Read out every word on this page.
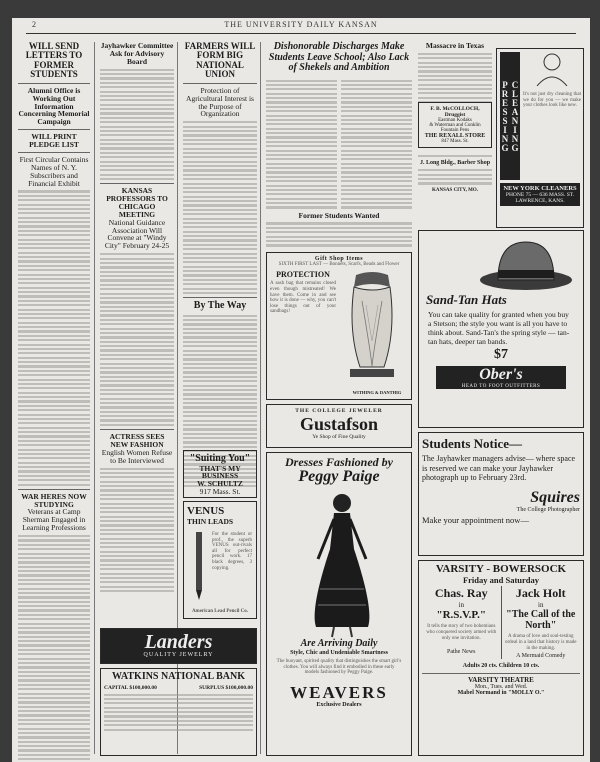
2	THE UNIVERSITY DAILY KANSAN
WILL SEND LETTERS TO FORMER STUDENTS
Alumni Office is Working Out Information Concerning Memorial Campaign
WILL PRINT PLEDGE LIST
First Circular Contains Names of N. Y. Subscribers and Financial Exhibit
WAR HERES NOW STUDYING
Veterans at Camp Sherman Engaged in Learning Professions
Jayhawker Committee Ask for Advisory Board
KANSAS PROFESSORS TO CHICAGO MEETING
National Guidance Association Will Convene at "Windy City" February 24-25
ACTRESS SEES NEW FASHION
English Women Refuse to Be Interviewed
FARMERS WILL FORM BIG NATIONAL UNION
Protection of Agricultural Interest is the Purpose of Organization
By The Way
"Suiting You"
THAT'S MY BUSINESS
W. SCHULTZ
917 Mass. St.
VENUS
THIN LEADS
For the student or prof., the superb VENUS out-rivals all for perfect pencil work. 17 black degrees, 3 copying.
American Lead Pencil Co.
Landers
QUALITY JEWELRY
WATKINS NATIONAL BANK
CAPITAL $100,000.00	SURPLUS $100,000.00
Dishonorable Discharges Make Students Leave School; Also Lack of Shekels and Ambition
Former Students Wanted
Gift Shop Items
SIXTH FIRST LAST — Bonnets, Scarfs, Beads and Flower
PROTECTION
A sash bag that remains closed even though mistreated! We have them. Come in and see how it is done — why, you can't lose things out of your sandbags!
WITHING & DANTHIG
THE COLLEGE JEWELER
Gustafson
Ye Shop of Fine Quality
Dresses Fashioned by
Peggy Paige
Are Arriving Daily
Style, Chic and Undeniable Smartness
The buoyant, spirited quality that distinguishes the smart girl's clothes. You will always find it embodied in these early models fashioned by Peggy Paige.
WEAVERS
Exclusive Dealers
Massacre in Texas
F. B. McCOLLOCH, Druggist
Eastman Kodaks
& Waterman and Conklin Fountain Pens
THE REXALL STORE
847 Mass. St.
J. Long Bldg., Barber Shop
KANSAS CITY, MO.
CLEANING PRESSING	It's not just dry cleaning that we do for you — we make your clothes look like new.
NEW YORK CLEANERS
PHONE 75 — 636 MASS. ST.
LAWRENCE, KANS.
Sand-Tan Hats
You can take quality for granted when you buy a Stetson; the style you want is all you have to think about. Sand-Tan's the spring style — tan-tan hats, deeper tan bands.
$7
Ober's
HEAD TO FOOT OUTFITTERS
Students Notice—
The Jayhawker managers advise— where space is reserved we can make your Jayhawker photograph up to February 23rd.
Squires
The College Photographer
Make your appointment now—
VARSITY - BOWERSOCK
Friday and Saturday
Chas. Ray
in
"R.S.V.P."
It tells the story of two bohemians who conquered society armed with only one invitation.
Pathe News
Jack Holt
in
"The Call of the North"
A drama of love and soul-testing ordeal in a land that history is made in the making.
A Mermaid Comedy
Adults 20 cts. Children 10 cts.
VARSITY THEATRE
Mon., Tues. and Wed.
Mabel Normand in "MOLLY O."
